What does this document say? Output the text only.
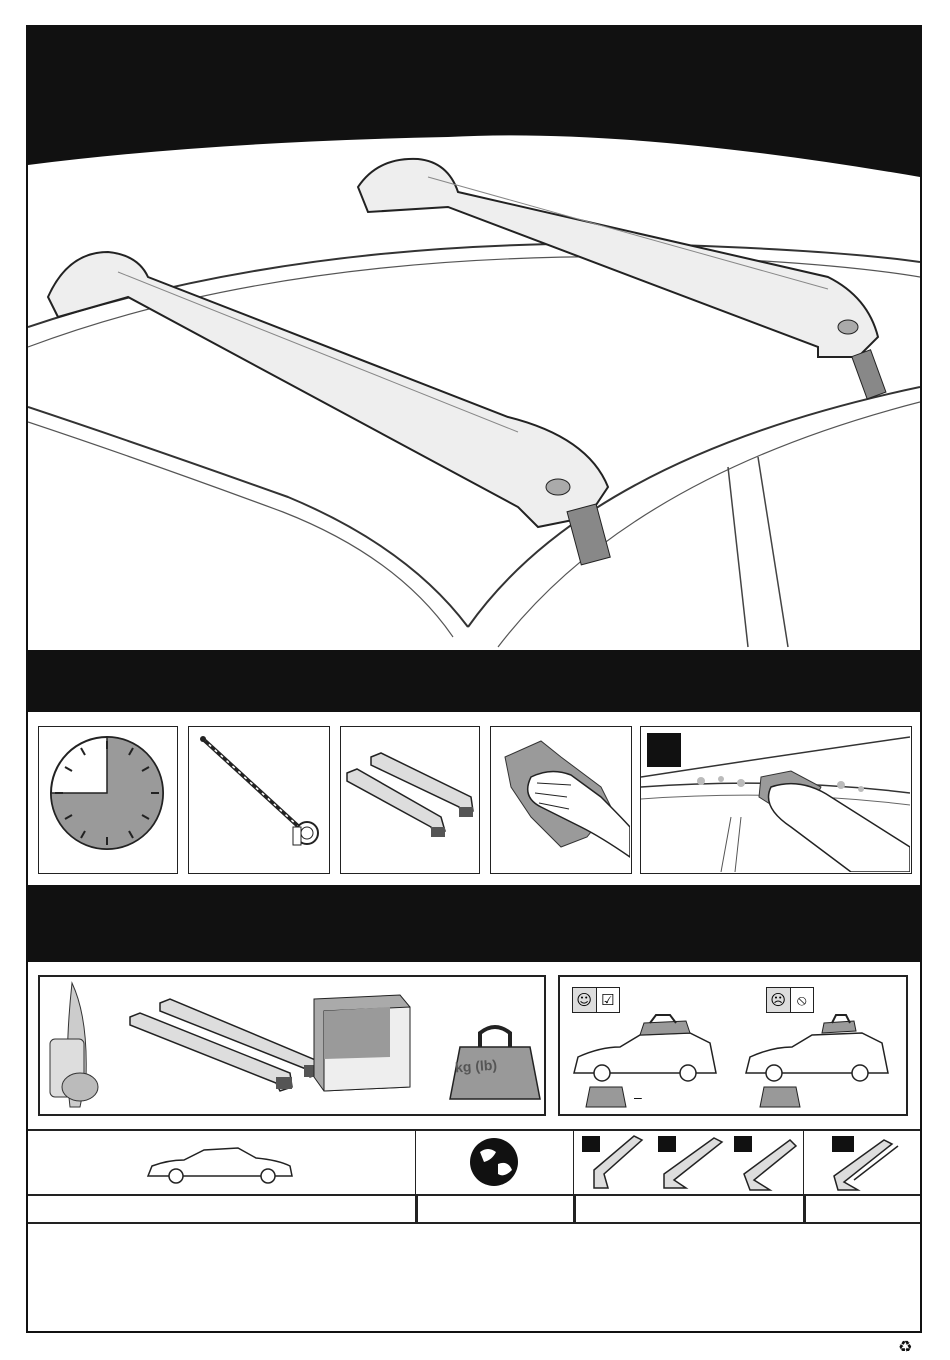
kg (lb)
☺ ☑	☹ ⦸
–
♻
